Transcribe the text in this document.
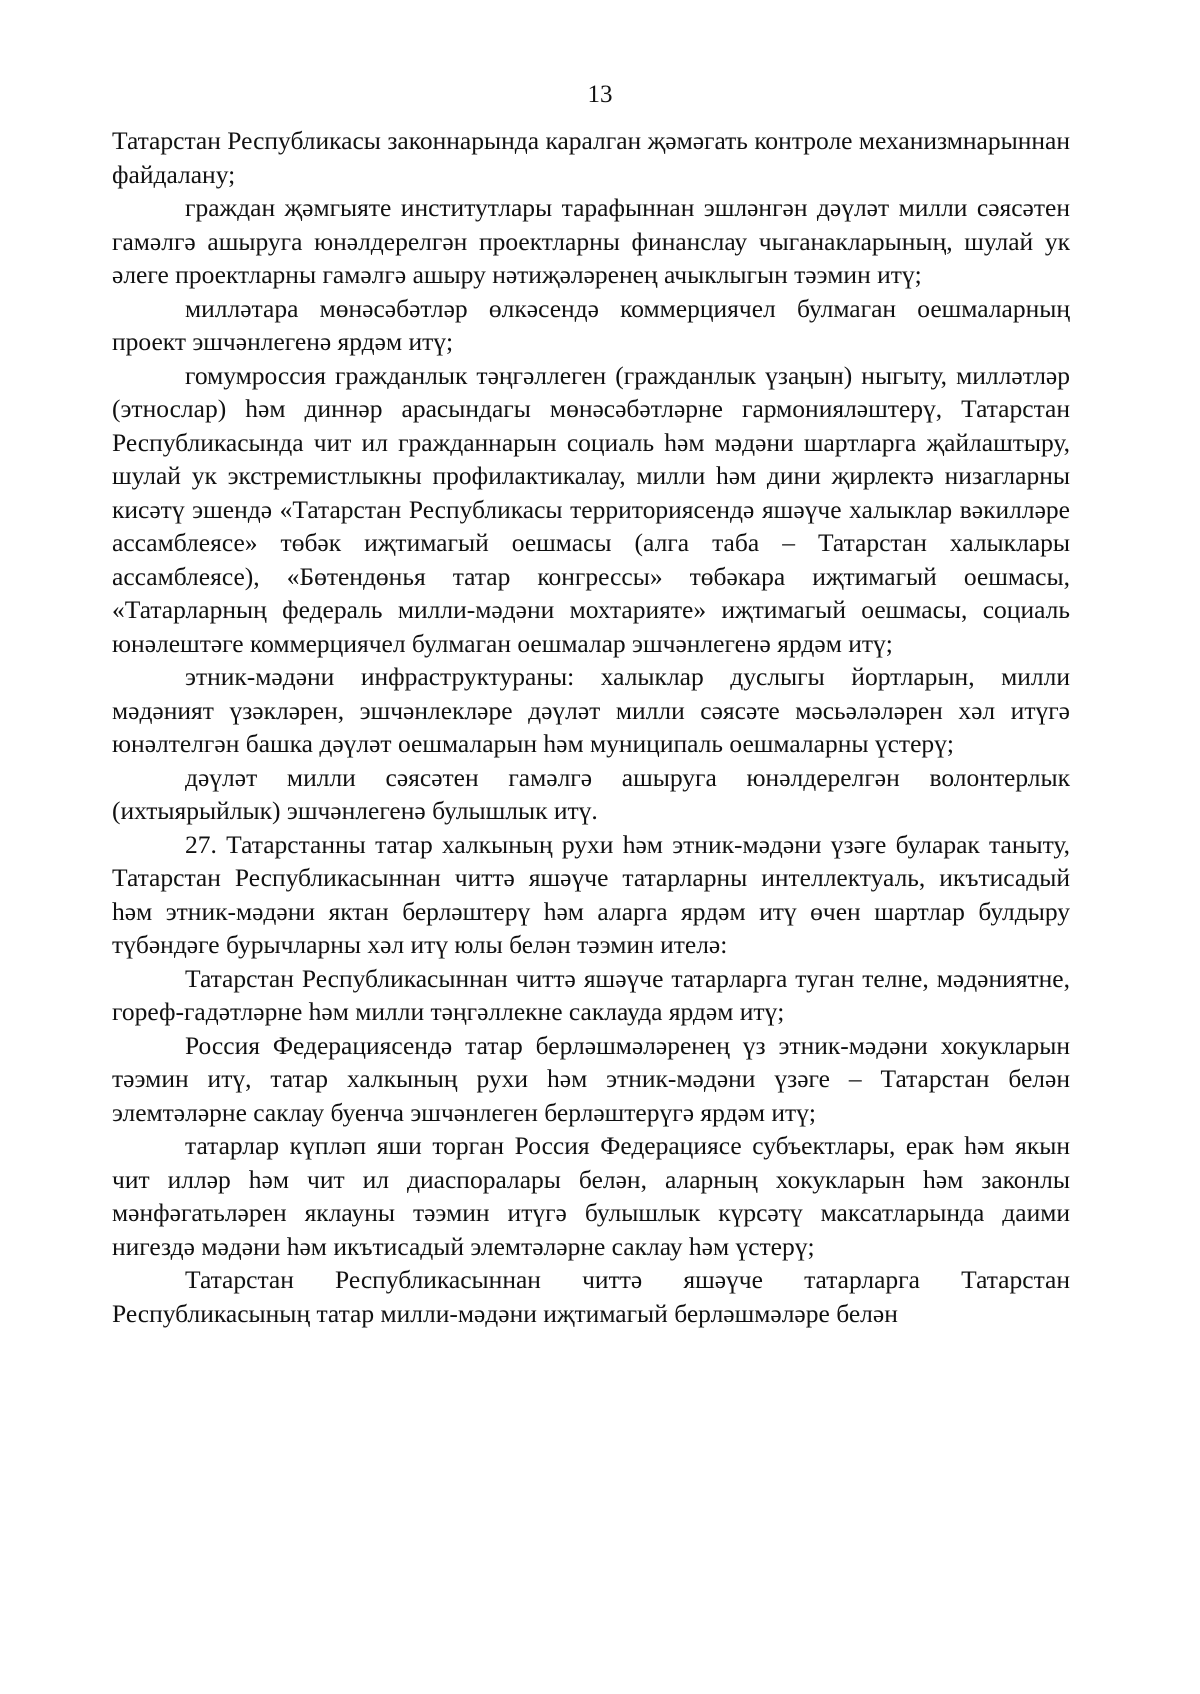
13

Татарстан Республикасы законнарында каралган җәмәгать контроле механизмнарыннан файдалану;

граждан җәмгыяте институтлары тарафыннан эшләнгән дәүләт милли сәясәтен гамәлгә ашыруга юнәлдерелгән проектларны финанслау чыганакларының, шулай ук әлеге проектларны гамәлгә ашыру нәтиҗәләренең ачыклыгын тәэмин итү;

милләтара мөнәсәбәтләр өлкәсендә коммерциячел булмаган оешмаларның проект эшчәнлегенә ярдәм итү;

гомумроссия гражданлык тәңгәллеген (гражданлык үзаңын) ныгыту, милләтләр (этнослар) һәм диннәр арасындагы мөнәсәбәтләрне гармонияләштерү, Татарстан Республикасында чит ил гражданнарын социаль һәм мәдәни шартларга җайлаштыру, шулай ук экстремистлыкны профилактикалау, милли һәм дини җирлектә низагларны кисәтү эшендә «Татарстан Республикасы территориясендә яшәүче халыклар вәкилләре ассамблеясе» төбәк иҗтимагый оешмасы (алга таба – Татарстан халыклары ассамблеясе), «Бөтендөнья татар конгрессы» төбәкара иҗтимагый оешмасы, «Татарларның федераль милли-мәдәни мохтарияте» иҗтимагый оешмасы, социаль юнәлештәге коммерциячел булмаган оешмалар эшчәнлегенә ярдәм итү;

этник-мәдәни инфраструктураны: халыклар дуслыгы йортларын, милли мәдәният үзәкләрен, эшчәнлекләре дәүләт милли сәясәте мәсьәләләрен хәл итүгә юнәлтелгән башка дәүләт оешмаларын һәм муниципаль оешмаларны үстерү;

дәүләт милли сәясәтен гамәлгә ашыруга юнәлдерелгән волонтерлык (ихтыярыйлык) эшчәнлегенә булышлык итү.

27. Татарстанны татар халкының рухи һәм этник-мәдәни үзәге буларак таныту, Татарстан Республикасыннан читтә яшәүче татарларны интеллектуаль, икътисадый һәм этник-мәдәни яктан берләштерү һәм аларга ярдәм итү өчен шартлар булдыру түбәндәге бурычларны хәл итү юлы белән тәэмин ителә:

Татарстан Республикасыннан читтә яшәүче татарларга туган телне, мәдәниятне, гореф-гадәтләрне һәм милли тәңгәллекне саклауда ярдәм итү;

Россия Федерациясендә татар берләшмәләренең үз этник-мәдәни хокукларын тәэмин итү, татар халкының рухи һәм этник-мәдәни үзәге – Татарстан белән элемтәләрне саклау буенча эшчәнлеген берләштерүгә ярдәм итү;

татарлар күпләп яши торган Россия Федерациясе субъектлары, ерак һәм якын чит илләр һәм чит ил диаспоралары белән, аларның хокукларын һәм законлы мәнфәгатьләрен яклауны тәэмин итүгә булышлык күрсәтү максатларында даими нигездә мәдәни һәм икътисадый элемтәләрне саклау һәм үстерү;

Татарстан Республикасыннан читтә яшәүче татарларга Татарстан Республикасының татар милли-мәдәни иҗтимагый берләшмәләре белән
